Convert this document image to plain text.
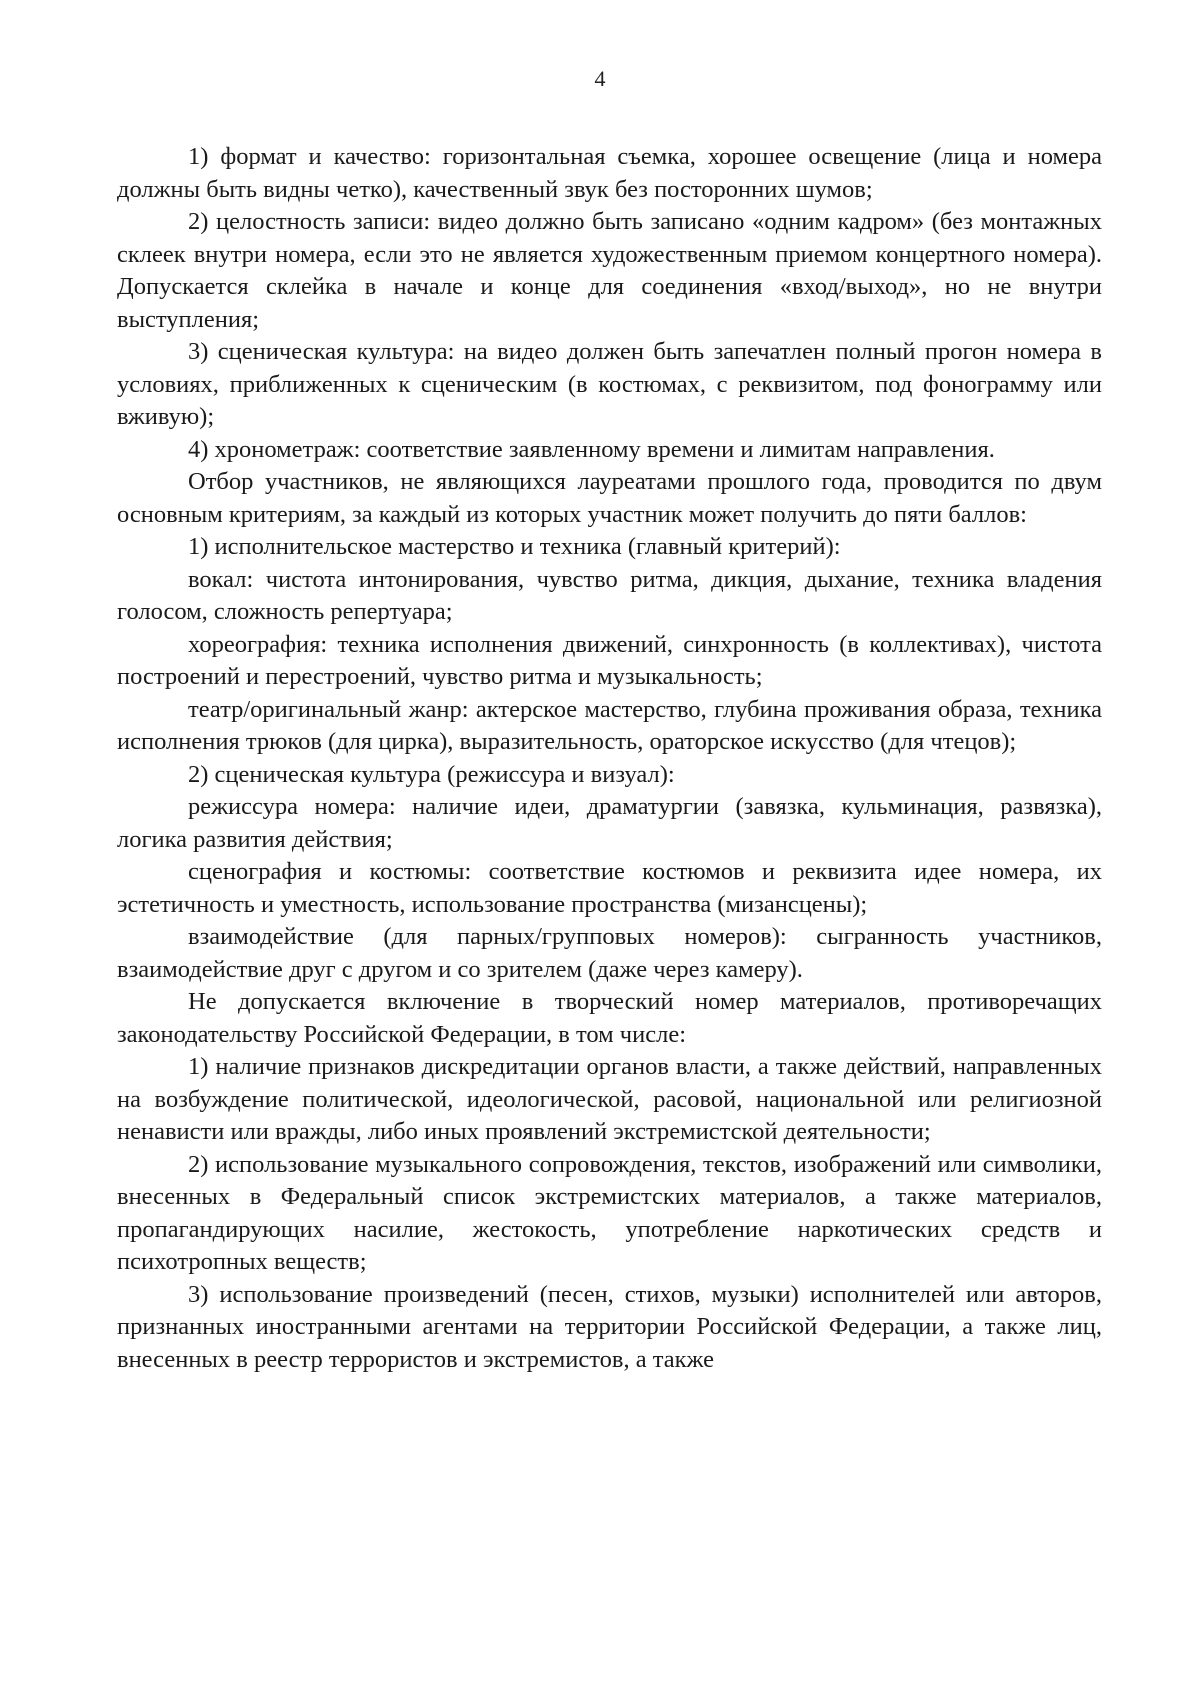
4

1) формат и качество: горизонтальная съемка, хорошее освещение (лица и номера должны быть видны четко), качественный звук без посторонних шумов;

2) целостность записи: видео должно быть записано «одним кадром» (без монтажных склеек внутри номера, если это не является художественным приемом концертного номера). Допускается склейка в начале и конце для соединения «вход/выход», но не внутри выступления;

3) сценическая культура: на видео должен быть запечатлен полный прогон номера в условиях, приближенных к сценическим (в костюмах, с реквизитом, под фонограмму или вживую);

4) хронометраж: соответствие заявленному времени и лимитам направления.

Отбор участников, не являющихся лауреатами прошлого года, проводится по двум основным критериям, за каждый из которых участник может получить до пяти баллов:

1) исполнительское мастерство и техника (главный критерий):

вокал: чистота интонирования, чувство ритма, дикция, дыхание, техника владения голосом, сложность репертуара;

хореография: техника исполнения движений, синхронность (в коллективах), чистота построений и перестроений, чувство ритма и музыкальность;

театр/оригинальный жанр: актерское мастерство, глубина проживания образа, техника исполнения трюков (для цирка), выразительность, ораторское искусство (для чтецов);

2) сценическая культура (режиссура и визуал):

режиссура номера: наличие идеи, драматургии (завязка, кульминация, развязка), логика развития действия;

сценография и костюмы: соответствие костюмов и реквизита идее номера, их эстетичность и уместность, использование пространства (мизансцены);

взаимодействие (для парных/групповых номеров): сыгранность участников, взаимодействие друг с другом и со зрителем (даже через камеру).

Не допускается включение в творческий номер материалов, противоречащих законодательству Российской Федерации, в том числе:

1) наличие признаков дискредитации органов власти, а также действий, направленных на возбуждение политической, идеологической, расовой, национальной или религиозной ненависти или вражды, либо иных проявлений экстремистской деятельности;

2) использование музыкального сопровождения, текстов, изображений или символики, внесенных в Федеральный список экстремистских материалов, а также материалов, пропагандирующих насилие, жестокость, употребление наркотических средств и психотропных веществ;

3) использование произведений (песен, стихов, музыки) исполнителей или авторов, признанных иностранными агентами на территории Российской Федерации, а также лиц, внесенных в реестр террористов и экстремистов, а также
